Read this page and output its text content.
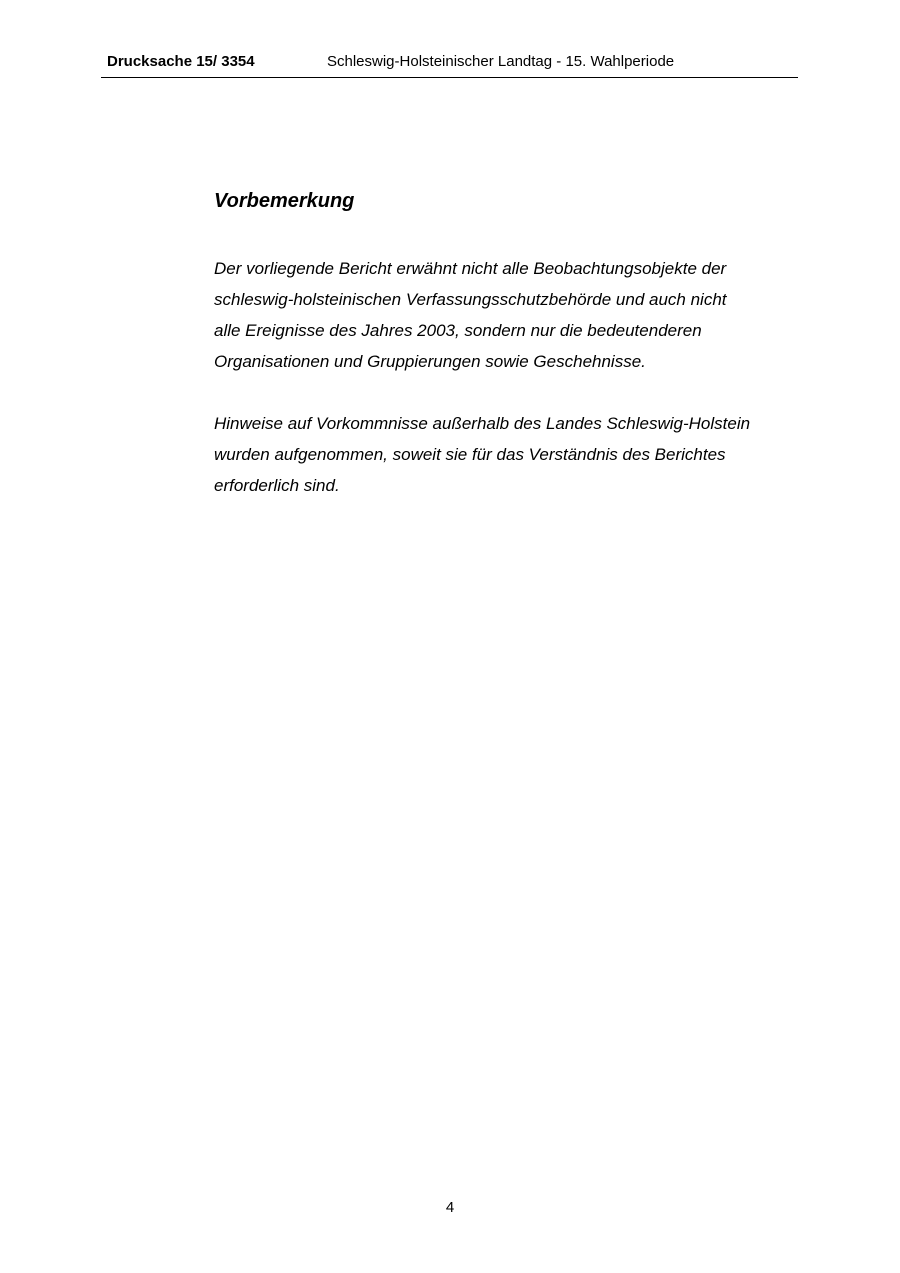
Drucksache 15/ 3354	Schleswig-Holsteinischer Landtag - 15. Wahlperiode
Vorbemerkung

Der vorliegende Bericht erwähnt nicht alle Beobachtungsobjekte der
schleswig-holsteinischen Verfassungsschutzbehörde und auch nicht
alle Ereignisse des Jahres 2003, sondern nur die bedeutenderen
Organisationen und Gruppierungen sowie Geschehnisse.

Hinweise auf Vorkommnisse außerhalb des Landes Schleswig-Holstein
wurden aufgenommen, soweit sie für das Verständnis des Berichtes
erforderlich sind.

4
